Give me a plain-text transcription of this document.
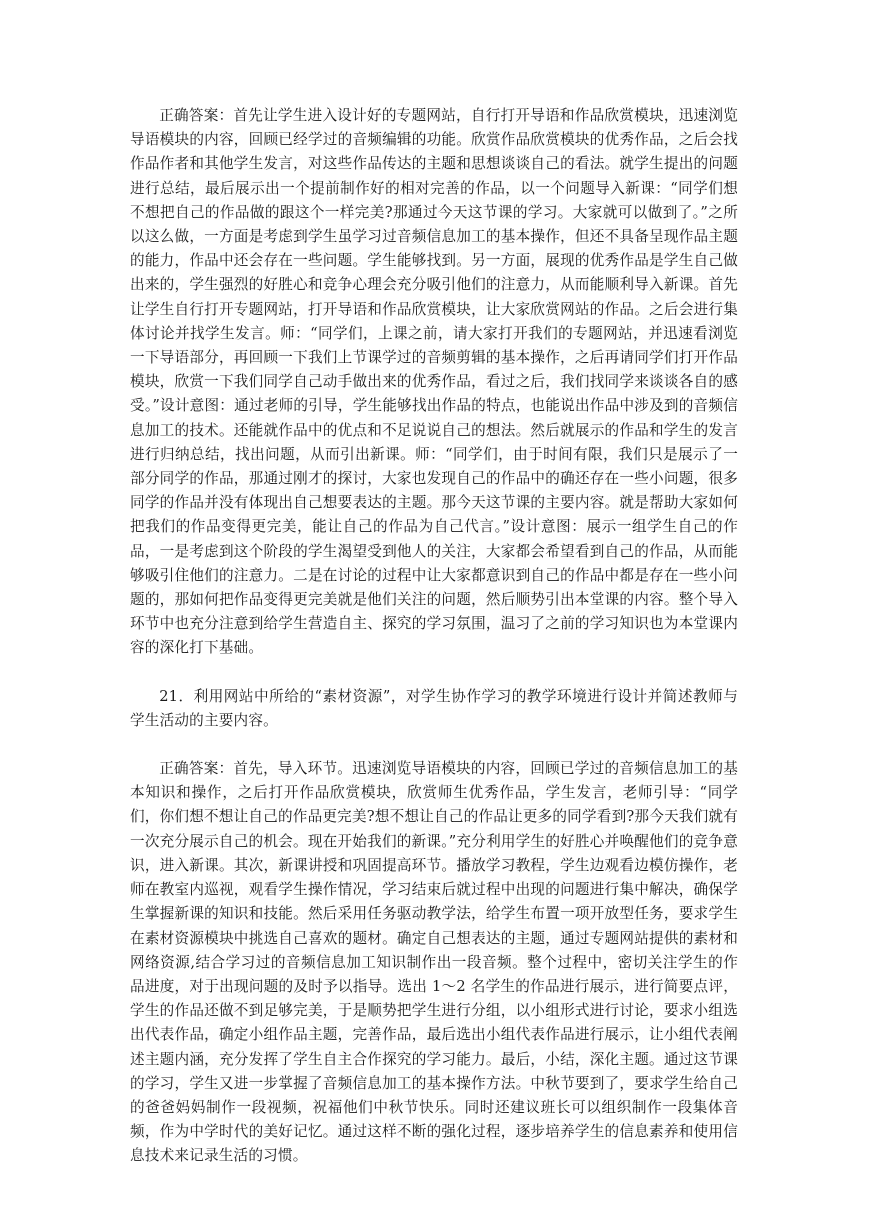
正确答案：首先让学生进入设计好的专题网站，自行打开导语和作品欣赏模块，迅速浏览导语模块的内容，回顾已经学过的音频编辑的功能。欣赏作品欣赏模块的优秀作品，之后会找作品作者和其他学生发言，对这些作品传达的主题和思想谈谈自己的看法。就学生提出的问题进行总结，最后展示出一个提前制作好的相对完善的作品，以一个问题导入新课：“同学们想不想把自己的作品做的跟这个一样完美?那通过今天这节课的学习。大家就可以做到了。”之所以这么做，一方面是考虑到学生虽学习过音频信息加工的基本操作，但还不具备呈现作品主题的能力，作品中还会存在一些问题。学生能够找到。另一方面，展现的优秀作品是学生自己做出来的，学生强烈的好胜心和竞争心理会充分吸引他们的注意力，从而能顺利导入新课。首先让学生自行打开专题网站，打开导语和作品欣赏模块，让大家欣赏网站的作品。之后会进行集体讨论并找学生发言。师：“同学们，上课之前，请大家打开我们的专题网站，并迅速看浏览一下导语部分，再回顾一下我们上节课学过的音频剪辑的基本操作，之后再请同学们打开作品模块，欣赏一下我们同学自己动手做出来的优秀作品，看过之后，我们找同学来谈谈各自的感受。”设计意图：通过老师的引导，学生能够找出作品的特点，也能说出作品中涉及到的音频信息加工的技术。还能就作品中的优点和不足说说自己的想法。然后就展示的作品和学生的发言进行归纳总结，找出问题，从而引出新课。师：“同学们，由于时间有限，我们只是展示了一部分同学的作品，那通过刚才的探讨，大家也发现自己的作品中的确还存在一些小问题，很多同学的作品并没有体现出自己想要表达的主题。那今天这节课的主要内容。就是帮助大家如何把我们的作品变得更完美，能让自己的作品为自己代言。”设计意图：展示一组学生自己的作品，一是考虑到这个阶段的学生渴望受到他人的关注，大家都会希望看到自己的作品，从而能够吸引住他们的注意力。二是在讨论的过程中让大家都意识到自己的作品中都是存在一些小问题的，那如何把作品变得更完美就是他们关注的问题，然后顺势引出本堂课的内容。整个导入环节中也充分注意到给学生营造自主、探究的学习氛围，温习了之前的学习知识也为本堂课内容的深化打下基础。

21．利用网站中所给的“素材资源”，对学生协作学习的教学环境进行设计并简述教师与学生活动的主要内容。

正确答案：首先，导入环节。迅速浏览导语模块的内容，回顾已学过的音频信息加工的基本知识和操作，之后打开作品欣赏模块，欣赏师生优秀作品，学生发言，老师引导：“同学们，你们想不想让自己的作品更完美?想不想让自己的作品让更多的同学看到?那今天我们就有一次充分展示自己的机会。现在开始我们的新课。”充分利用学生的好胜心并唤醒他们的竞争意识，进入新课。其次，新课讲授和巩固提高环节。播放学习教程，学生边观看边模仿操作，老师在教室内巡视，观看学生操作情况，学习结束后就过程中出现的问题进行集中解决，确保学生掌握新课的知识和技能。然后采用任务驱动教学法，给学生布置一项开放型任务，要求学生在素材资源模块中挑选自己喜欢的题材。确定自己想表达的主题，通过专题网站提供的素材和网络资源,结合学习过的音频信息加工知识制作出一段音频。整个过程中，密切关注学生的作品进度，对于出现问题的及时予以指导。选出 1～2 名学生的作品进行展示，进行简要点评，学生的作品还做不到足够完美，于是顺势把学生进行分组，以小组形式进行讨论，要求小组选出代表作品，确定小组作品主题，完善作品，最后选出小组代表作品进行展示，让小组代表阐述主题内涵，充分发挥了学生自主合作探究的学习能力。最后，小结，深化主题。通过这节课的学习，学生又进一步掌握了音频信息加工的基本操作方法。中秋节要到了，要求学生给自己的爸爸妈妈制作一段视频，祝福他们中秋节快乐。同时还建议班长可以组织制作一段集体音频，作为中学时代的美好记忆。通过这样不断的强化过程，逐步培养学生的信息素养和使用信息技术来记录生活的习惯。
